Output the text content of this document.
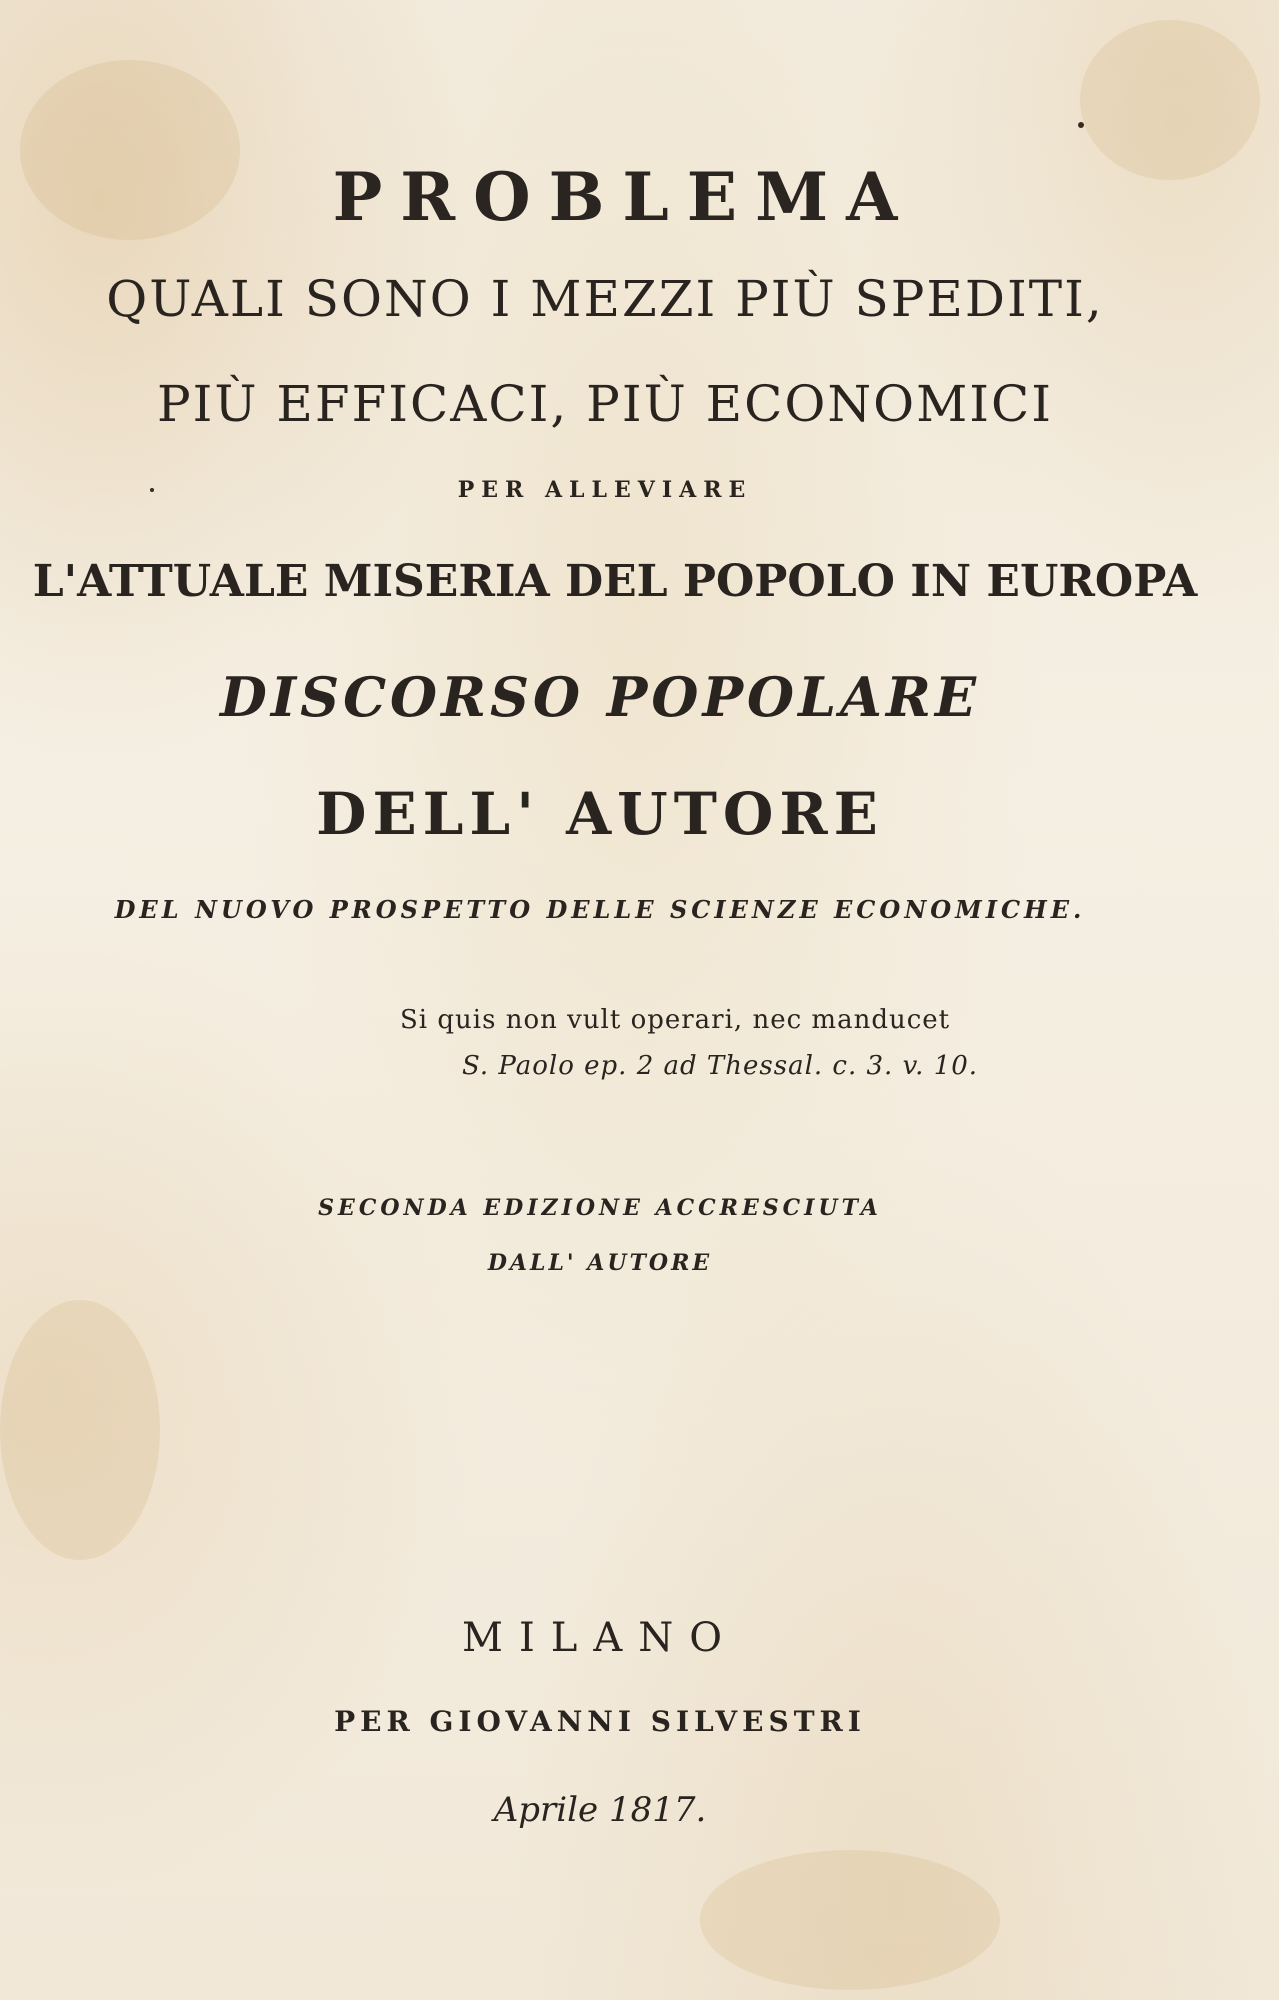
PROBLEMA

QUALI SONO I MEZZI PIÙ SPEDITI,

PIÙ EFFICACI, PIÙ ECONOMICI

PER ALLEVIARE

L'ATTUALE MISERIA DEL POPOLO IN EUROPA

DISCORSO POPOLARE

DELL' AUTORE

DEL NUOVO PROSPETTO DELLE SCIENZE ECONOMICHE.

Si quis non vult operari, nec manducet
S. Paolo ep. 2 ad Thessal. c. 3. v. 10.

SECONDA EDIZIONE ACCRESCIUTA

DALL' AUTORE

MILANO

PER GIOVANNI SILVESTRI

Aprile 1817.
